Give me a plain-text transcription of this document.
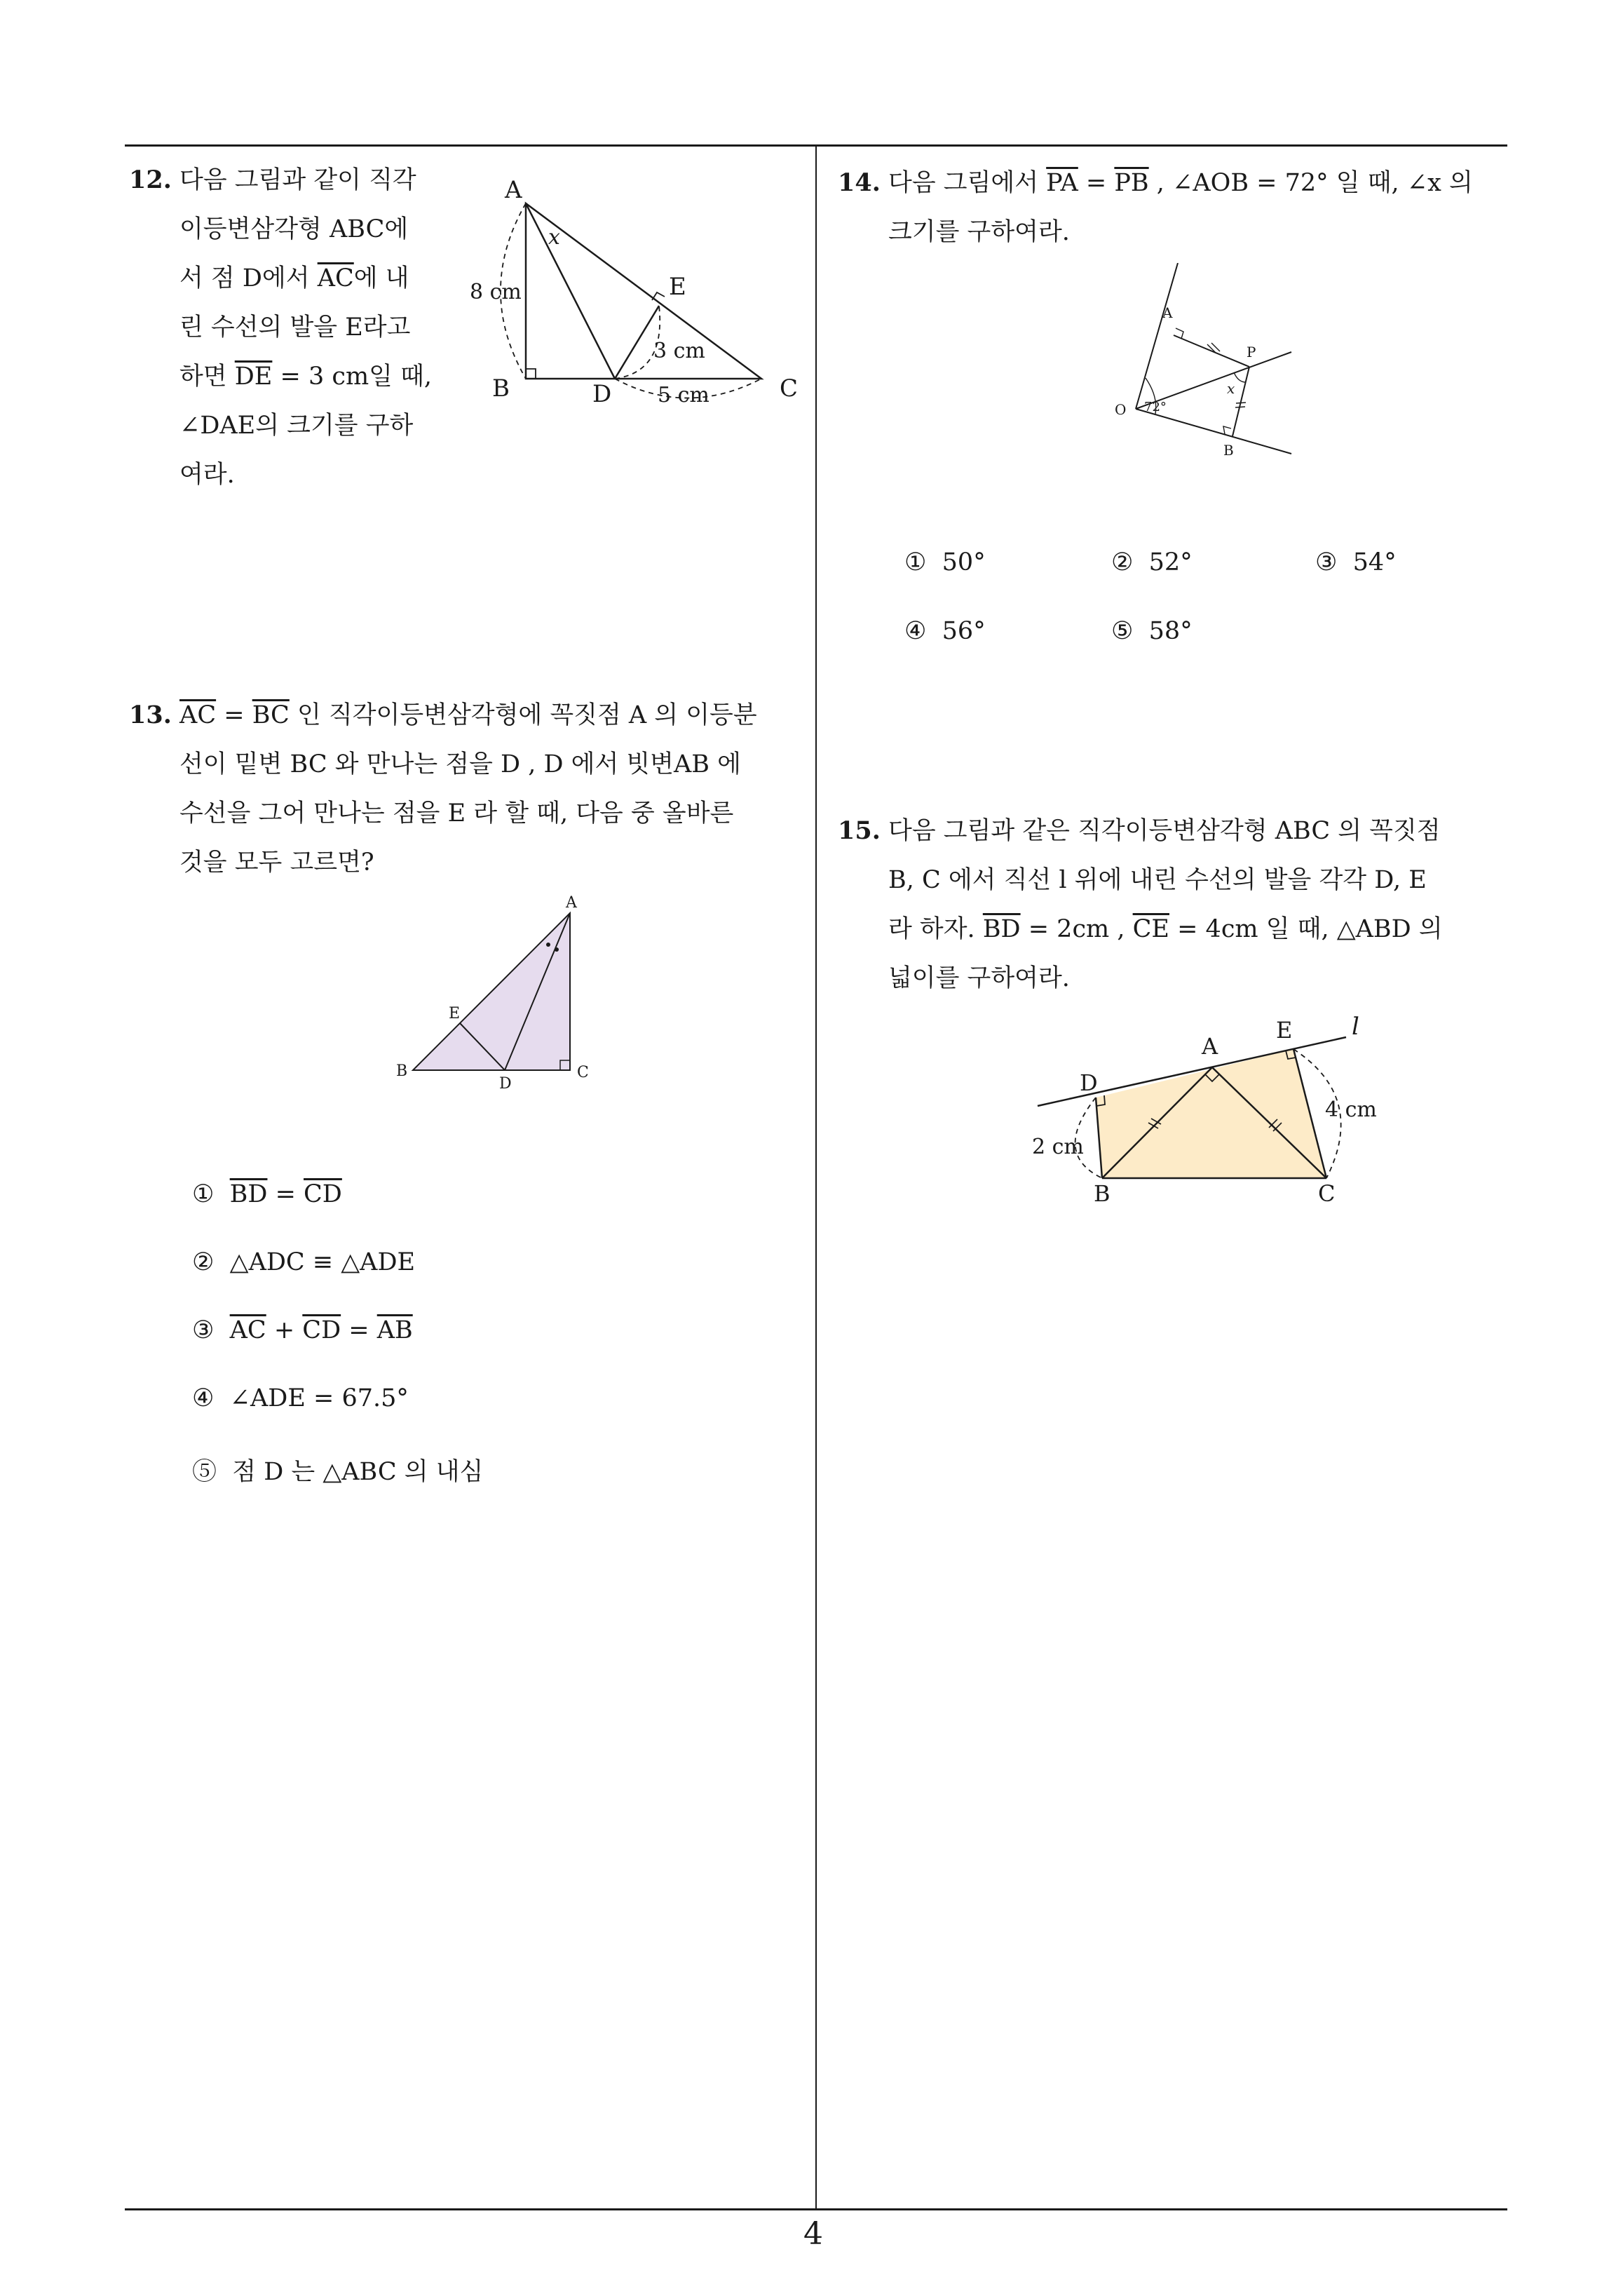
4
12. 다음 그림과 같이 직각
이등변삼각형 ABC에
서 점 D에서 $\overline{AC}$에 내
린 수선의 발을 E라고
하면 $\overline{DE} = 3$ cm일 때,
∠DAE의 크기를 구하
여라.
A
B	C
D
E
x
8 cm
3 cm
5 cm
13. $\overline{AC} = \overline{BC}$ 인 직각이등변삼각형에 꼭짓점 A 의 이등분
선이 밑변 BC 와 만나는 점을 D , D 에서 빗변AB 에
수선을 그어 만나는 점을 E 라 할 때, 다음 중 올바른
것을 모두 고르면?
A
B	C
D
E
① $\overline{BD} = \overline{CD}$
② △ADC ≡ △ADE
③ $\overline{AC} + \overline{CD} = \overline{AB}$
④ ∠ADE = 67.5°
⑤ 점 D 는 △ABC 의 내심
14. 다음 그림에서 $\overline{PA} = \overline{PB}$ , ∠AOB = 72° 일 때, ∠x 의
크기를 구하여라.
A
P
O
B
x
72°
① 50°	② 52°	③ 54°
④ 56°	⑤ 58°
15. 다음 그림과 같은 직각이등변삼각형 ABC 의 꼭짓점
B, C 에서 직선 l 위에 내린 수선의 발을 각각 D, E
라 하자. $\overline{BD} = 2cm$ , $\overline{CE} = 4cm$ 일 때, △ABD 의
넓이를 구하여라.
A
B	C
D
E l
2 cm
4 cm
